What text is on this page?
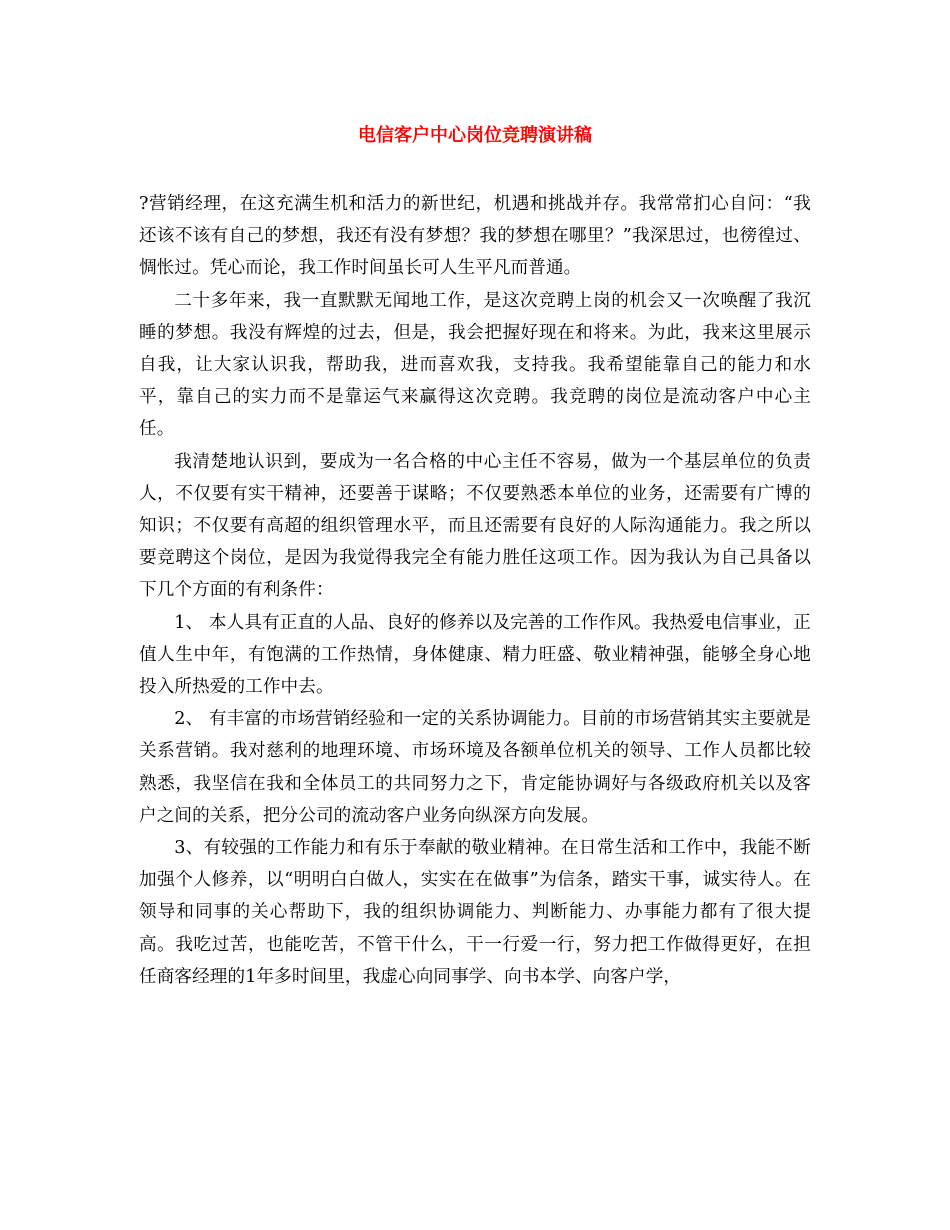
电信客户中心岗位竞聘演讲稿

?营销经理，在这充满生机和活力的新世纪，机遇和挑战并存。我常常扪心自问：“我还该不该有自己的梦想，我还有没有梦想？我的梦想在哪里？”我深思过，也徬徨过、惆怅过。凭心而论，我工作时间虽长可人生平凡而普通。

二十多年来，我一直默默无闻地工作，是这次竞聘上岗的机会又一次唤醒了我沉睡的梦想。我没有辉煌的过去，但是，我会把握好现在和将来。为此，我来这里展示自我，让大家认识我，帮助我，进而喜欢我，支持我。我希望能靠自己的能力和水平，靠自己的实力而不是靠运气来赢得这次竞聘。我竞聘的岗位是流动客户中心主任。

我清楚地认识到，要成为一名合格的中心主任不容易，做为一个基层单位的负责人，不仅要有实干精神，还要善于谋略；不仅要熟悉本单位的业务，还需要有广博的知识；不仅要有高超的组织管理水平，而且还需要有良好的人际沟通能力。我之所以要竞聘这个岗位，是因为我觉得我完全有能力胜任这项工作。因为我认为自己具备以下几个方面的有利条件：

1、 本人具有正直的人品、良好的修养以及完善的工作作风。我热爱电信事业，正值人生中年，有饱满的工作热情，身体健康、精力旺盛、敬业精神强，能够全身心地投入所热爱的工作中去。

2、 有丰富的市场营销经验和一定的关系协调能力。目前的市场营销其实主要就是关系营销。我对慈利的地理环境、市场环境及各额单位机关的领导、工作人员都比较熟悉，我坚信在我和全体员工的共同努力之下，肯定能协调好与各级政府机关以及客户之间的关系，把分公司的流动客户业务向纵深方向发展。

3、有较强的工作能力和有乐于奉献的敬业精神。在日常生活和工作中，我能不断加强个人修养，以“明明白白做人，实实在在做事”为信条，踏实干事，诚实待人。在领导和同事的关心帮助下，我的组织协调能力、判断能力、办事能力都有了很大提高。我吃过苦，也能吃苦，不管干什么，干一行爱一行，努力把工作做得更好，在担任商客经理的1年多时间里，我虚心向同事学、向书本学、向客户学，
